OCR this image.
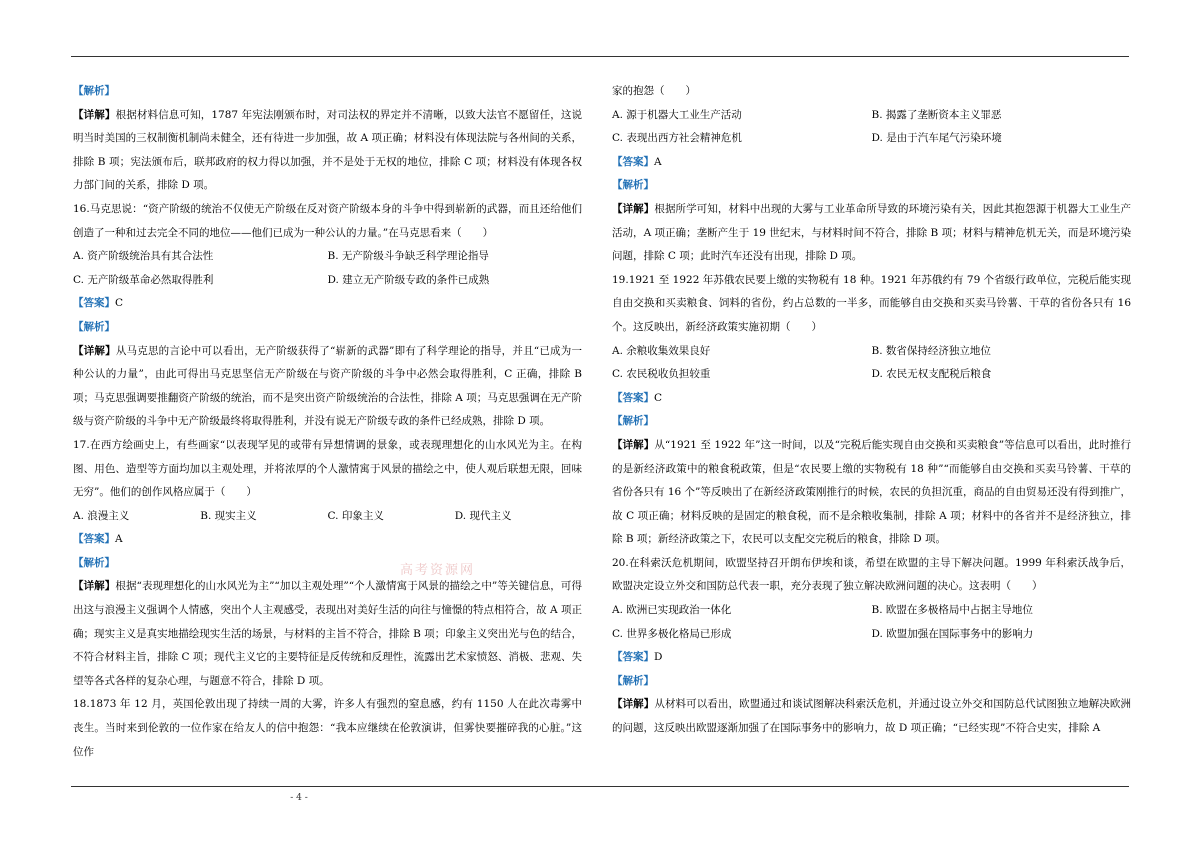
【解析】

【详解】根据材料信息可知，1787 年宪法刚颁布时，对司法权的界定并不清晰，以致大法官不愿留任，这说明当时美国的三权制衡机制尚未健全，还有待进一步加强，故 A 项正确；材料没有体现法院与各州间的关系，排除 B 项；宪法颁布后，联邦政府的权力得以加强，并不是处于无权的地位，排除 C 项；材料没有体现各权力部门间的关系，排除 D 项。

16.马克思说：“资产阶级的统治不仅使无产阶级在反对资产阶级本身的斗争中得到崭新的武器，而且还给他们创造了一种和过去完全不同的地位——他们已成为一种公认的力量。”在马克思看来（　　）

A. 资产阶级统治具有其合法性	B. 无产阶级斗争缺乏科学理论指导
C. 无产阶级革命必然取得胜利	D. 建立无产阶级专政的条件已成熟

【答案】C

【解析】

【详解】从马克思的言论中可以看出，无产阶级获得了“崭新的武器”即有了科学理论的指导，并且“已成为一种公认的力量”，由此可得出马克思坚信无产阶级在与资产阶级的斗争中必然会取得胜利，C 正确，排除 B 项；马克思强调要推翻资产阶级的统治，而不是突出资产阶级统治的合法性，排除 A 项；马克思强调在无产阶级与资产阶级的斗争中无产阶级最终将取得胜利，并没有说无产阶级专政的条件已经成熟，排除 D 项。

17.在西方绘画史上，有些画家“以表现罕见的或带有异想情调的景象，或表现理想化的山水风光为主。在构图、用色、造型等方面均加以主观处理，并将浓厚的个人激情寓于风景的描绘之中，使人观后联想无限，回味无穷”。他们的创作风格应属于（　　）

A. 浪漫主义	B. 现实主义	C. 印象主义	D. 现代主义

【答案】A

【解析】

【详解】根据“表现理想化的山水风光为主”“加以主观处理”“个人激情寓于风景的描绘之中”等关键信息，可得出这与浪漫主义强调个人情感，突出个人主观感受，表现出对美好生活的向往与憧憬的特点相符合，故 A 项正确；现实主义是真实地描绘现实生活的场景，与材料的主旨不符合，排除 B 项；印象主义突出光与色的结合，不符合材料主旨，排除 C 项；现代主义它的主要特征是反传统和反理性，流露出艺术家愤怒、消极、悲观、失望等各式各样的复杂心理，与题意不符合，排除 D 项。

18.1873 年 12 月，英国伦敦出现了持续一周的大雾，许多人有强烈的窒息感，约有 1150 人在此次毒雾中丧生。当时来到伦敦的一位作家在给友人的信中抱怨：“我本应继续在伦敦演讲，但雾快要摧碎我的心脏。”这位作

家的抱怨（　　）

A. 源于机器大工业生产活动	B. 揭露了垄断资本主义罪恶
C. 表现出西方社会精神危机	D. 是由于汽车尾气污染环境

【答案】A

【解析】

【详解】根据所学可知，材料中出现的大雾与工业革命所导致的环境污染有关，因此其抱怨源于机器大工业生产活动，A 项正确；垄断产生于 19 世纪末，与材料时间不符合，排除 B 项；材料与精神危机无关，而是环境污染问题，排除 C 项；此时汽车还没有出现，排除 D 项。

19.1921 至 1922 年苏俄农民要上缴的实物税有 18 种。1921 年苏俄约有 79 个省级行政单位，完税后能实现自由交换和买卖粮食、饲料的省份，约占总数的一半多，而能够自由交换和买卖马铃薯、干草的省份各只有 16 个。这反映出，新经济政策实施初期（　　）

A. 余粮收集效果良好	B. 数省保持经济独立地位
C. 农民税收负担较重	D. 农民无权支配税后粮食

【答案】C

【解析】

【详解】从“1921 至 1922 年”这一时间，以及“完税后能实现自由交换和买卖粮食”等信息可以看出，此时推行的是新经济政策中的粮食税政策，但是“农民要上缴的实物税有 18 种”“而能够自由交换和买卖马铃薯、干草的省份各只有 16 个”等反映出了在新经济政策刚推行的时候，农民的负担沉重，商品的自由贸易还没有得到推广，故 C 项正确；材料反映的是固定的粮食税，而不是余粮收集制，排除 A 项；材料中的各省并不是经济独立，排除 B 项；新经济政策之下，农民可以支配交完税后的粮食，排除 D 项。

20.在科索沃危机期间，欧盟坚持召开朗布伊埃和谈，希望在欧盟的主导下解决问题。1999 年科索沃战争后，欧盟决定设立外交和国防总代表一职，充分表现了独立解决欧洲问题的决心。这表明（　　）

A. 欧洲已实现政治一体化	B. 欧盟在多极格局中占据主导地位
C. 世界多极化格局已形成	D. 欧盟加强在国际事务中的影响力

【答案】D

【解析】

【详解】从材料可以看出，欧盟通过和谈试图解决科索沃危机，并通过设立外交和国防总代试图独立地解决欧洲的问题，这反映出欧盟逐渐加强了在国际事务中的影响力，故 D 项正确；“已经实现”不符合史实，排除 A

高考资源网
- 4 -
